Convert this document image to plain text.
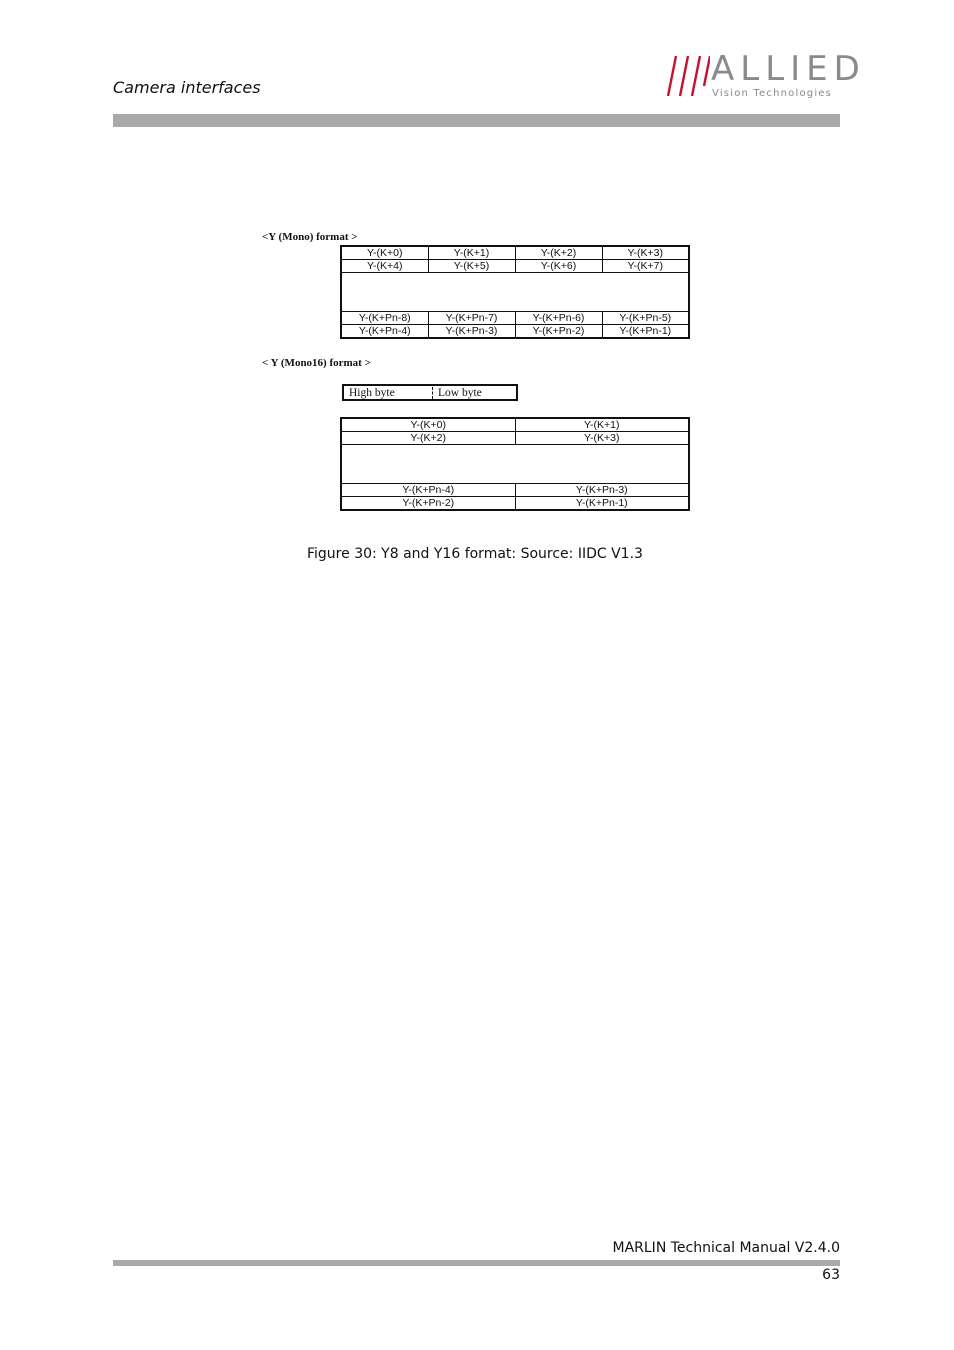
Camera interfaces	ALLIED
Vision Technologies
<Y (Mono) format >
Y-(K+0)	Y-(K+1)	Y-(K+2)	Y-(K+3)
Y-(K+4)	Y-(K+5)	Y-(K+6)	Y-(K+7)

Y-(K+Pn-8)	Y-(K+Pn-7)	Y-(K+Pn-6)	Y-(K+Pn-5)
Y-(K+Pn-4)	Y-(K+Pn-3)	Y-(K+Pn-2)	Y-(K+Pn-1)
< Y (Mono16) format >
High byte	Low byte
Y-(K+0)	Y-(K+1)
Y-(K+2)	Y-(K+3)

Y-(K+Pn-4)	Y-(K+Pn-3)
Y-(K+Pn-2)	Y-(K+Pn-1)
Figure 30: Y8 and Y16 format: Source: IIDC V1.3
MARLIN Technical Manual V2.4.0
63
